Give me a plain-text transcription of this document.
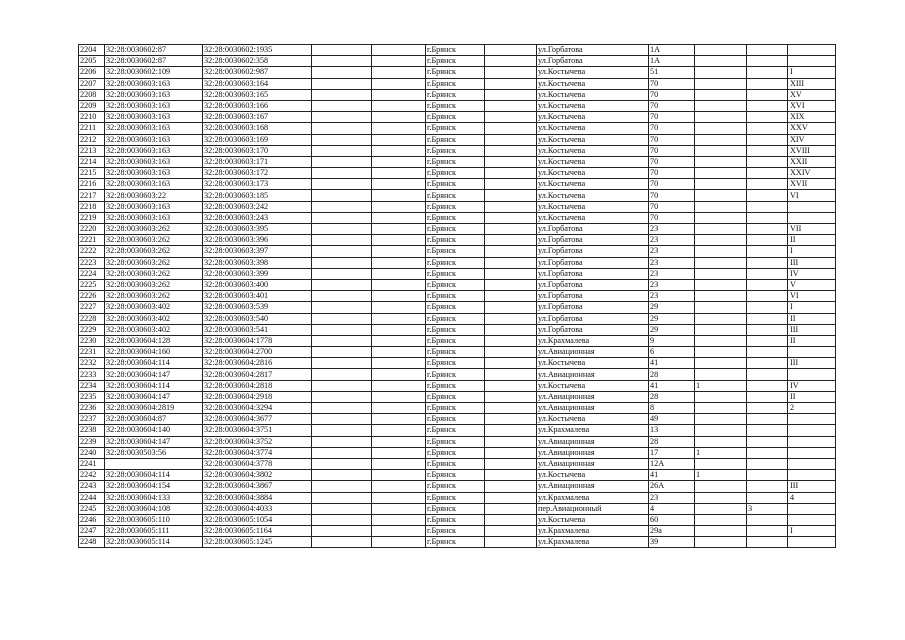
2204	32:28:0030602:87	32:28:0030602:1935			г.Брянск		ул.Горбатова	1А			
2205	32:28:0030602:87	32:28:0030602:358			г.Брянск		ул.Горбатова	1А			
2206	32:28:0030602:109	32:28:0030602:987			г.Брянск		ул.Костычева	51			I
2207	32:28:0030603:163	32:28:0030603:164			г.Брянск		ул.Костычева	70			XIII
2208	32:28:0030603:163	32:28:0030603:165			г.Брянск		ул.Костычева	70			XV
2209	32:28:0030603:163	32:28:0030603:166			г.Брянск		ул.Костычева	70			XVI
2210	32:28:0030603:163	32:28:0030603:167			г.Брянск		ул.Костычева	70			XIX
2211	32:28:0030603:163	32:28:0030603:168			г.Брянск		ул.Костычева	70			XXV
2212	32:28:0030603:163	32:28:0030603:169			г.Брянск		ул.Костычева	70			XIV
2213	32:28:0030603:163	32:28:0030603:170			г.Брянск		ул.Костычева	70			XVIII
2214	32:28:0030603:163	32:28:0030603:171			г.Брянск		ул.Костычева	70			XXII
2215	32:28:0030603:163	32:28:0030603:172			г.Брянск		ул.Костычева	70			XXIV
2216	32:28:0030603:163	32:28:0030603:173			г.Брянск		ул.Костычева	70			XVII
2217	32:28:0030603:22	32:28:0030603:185			г.Брянск		ул.Костычева	70			VI
2218	32:28:0030603:163	32:28:0030603:242			г.Брянск		ул.Костычева	70			
2219	32:28:0030603:163	32:28:0030603:243			г.Брянск		ул.Костычева	70			
2220	32:28:0030603:262	32:28:0030603:395			г.Брянск		ул.Горбатова	23			VII
2221	32:28:0030603:262	32:28:0030603:396			г.Брянск		ул.Горбатова	23			II
2222	32:28:0030603:262	32:28:0030603:397			г.Брянск		ул.Горбатова	23			I
2223	32:28:0030603:262	32:28:0030603:398			г.Брянск		ул.Горбатова	23			III
2224	32:28:0030603:262	32:28:0030603:399			г.Брянск		ул.Горбатова	23			IV
2225	32:28:0030603:262	32:28:0030603:400			г.Брянск		ул.Горбатова	23			V
2226	32:28:0030603:262	32:28:0030603:401			г.Брянск		ул.Горбатова	23			VI
2227	32:28:0030603:402	32:28:0030603:539			г.Брянск		ул.Горбатова	29			I
2228	32:28:0030603:402	32:28:0030603:540			г.Брянск		ул.Горбатова	29			II
2229	32:28:0030603:402	32:28:0030603:541			г.Брянск		ул.Горбатова	29			III
2230	32:28:0030604:128	32:28:0030604:1778			г.Брянск		ул.Крахмалева	9			II
2231	32:28:0030604:160	32:28:0030604:2700			г.Брянск		ул.Авиационная	6			
2232	32:28:0030604:114	32:28:0030604:2816			г.Брянск		ул.Костычева	41			III
2233	32:28:0030604:147	32:28:0030604:2817			г.Брянск		ул.Авиационная	28			
2234	32:28:0030604:114	32:28:0030604:2818			г.Брянск		ул.Костычева	41	1		IV
2235	32:28:0030604:147	32:28:0030604:2918			г.Брянск		ул.Авиационная	28			II
2236	32:28:0030604:2819	32:28:0030604:3294			г.Брянск		ул.Авиационная	8			2
2237	32:28:0030604:87	32:28:0030604:3677			г.Брянск		ул.Костычева	49			
2238	32:28:0030604:140	32:28:0030604:3751			г.Брянск		ул.Крахмалева	13			
2239	32:28:0030604:147	32:28:0030604:3752			г.Брянск		ул.Авиационная	28			
2240	32:28:0030503:56	32:28:0030604:3774			г.Брянск		ул.Авиационная	17	1		
2241		32:28:0030604:3778			г.Брянск		ул.Авиационная	12А			
2242	32:28:0030604:114	32:28:0030604:3802			г.Брянск		ул.Костычева	41	1		
2243	32:28:0030604:154	32:28:0030604:3867			г.Брянск		ул.Авиационная	26А			III
2244	32:28:0030604:133	32:28:0030604:3884			г.Брянск		ул.Крахмалева	23			4
2245	32:28:0030604:108	32:28:0030604:4033			г.Брянск		пер.Авиационный	4		3	
2246	32:28:0030605:110	32:28:0030605:1054			г.Брянск		ул.Костычева	60			
2247	32:28:0030605:111	32:28:0030605:1164			г.Брянск		ул.Крахмалева	29а			I
2248	32:28:0030605:114	32:28:0030605:1245			г.Брянск		ул.Крахмалева	39			
